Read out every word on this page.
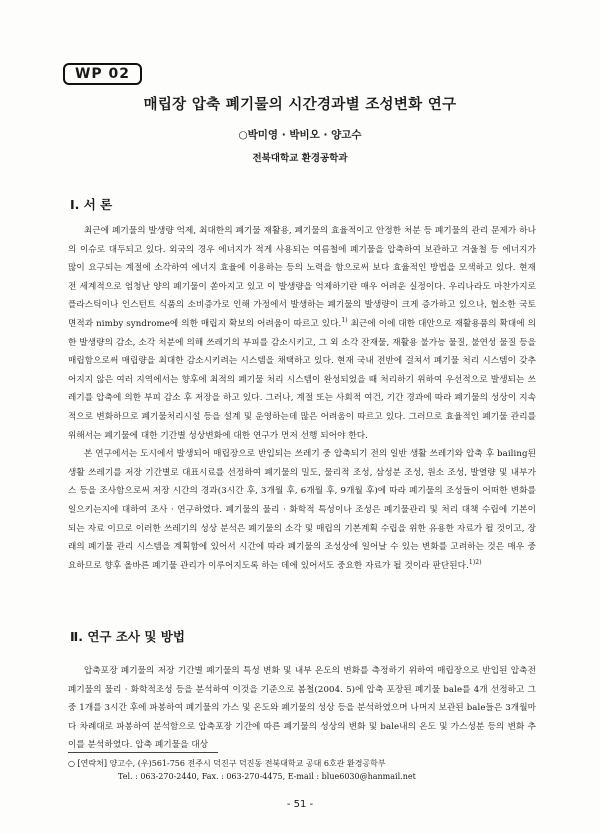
WP 02
매립장 압축 폐기물의 시간경과별 조성변화 연구
○박미영 · 박비오 · 양고수
전북대학교 환경공학과
Ⅰ. 서 론

최근에 폐기물의 발생량 억제, 최대한의 폐기물 재활용, 폐기물의 효율적이고 안정한 처분 등 폐기물의 관리 문제가 하나의 이슈로 대두되고 있다. 외국의 경우 에너지가 적게 사용되는 여름철에 폐기물을 압축하여 보관하고 겨울철 등 에너지가 많이 요구되는 계절에 소각하여 에너지 효율에 이용하는 등의 노력을 함으로써 보다 효율적인 방법을 모색하고 있다. 현재 전 세계적으로 엄청난 양의 폐기물이 쏟아지고 있고 이 발생량을 억제하기란 매우 어려운 실정이다. 우리나라도 마찬가지로 플라스틱이나 인스턴트 식품의 소비증가로 인해 가정에서 발생하는 폐기물의 발생량이 크게 증가하고 있으나, 협소한 국토 면적과 nimby syndrome에 의한 매립지 확보의 어려움이 따르고 있다.$^{1)}$ 최근에 이에 대한 대안으로 재활용품의 확대에 의한 발생량의 감소, 소각 처분에 의해 쓰레기의 부피를 감소시키고, 그 외 소각 잔재물, 재활용 불가능 물질, 불연성 물질 등을 매립함으로써 매립량을 최대한 감소시키려는 시스템을 채택하고 있다. 현재 국내 전반에 걸쳐서 폐기물 처리 시스템이 갖추어지지 않은 여러 지역에서는 향후에 최적의 폐기물 처리 시스템이 완성되었을 때 처리하기 위하여 우선적으로 발생되는 쓰레기를 압축에 의한 부피 감소 후 저장을 하고 있다. 그러나, 계절 또는 사회적 여건, 기간 경과에 따라 폐기물의 성상이 지속적으로 변화하므로 폐기물처리시설 등을 설계 및 운영하는데 많은 어려움이 따르고 있다. 그러므로 효율적인 폐기물 관리를 위해서는 폐기물에 대한 기간별 성상변화에 대한 연구가 먼저 선행 되어야 한다.

본 연구에서는 도시에서 발생되어 매립장으로 반입되는 쓰레기 중 압축되기 전의 일반 생활 쓰레기와 압축 후 bailing된 생활 쓰레기를 저장 기간별로 대표시료를 선정하여 폐기물의 밀도, 물리적 조성, 삼성분 조성, 원소 조성, 발열량 및 내부가스 등을 조사함으로써 저장 시간의 경과(3시간 후, 3개월 후, 6개월 후, 9개월 후)에 따라 폐기물의 조성들이 어떠한 변화를 일으키는지에 대하여 조사 · 연구하였다. 폐기물의 물리 · 화학적 특성이나 조성은 폐기물관리 및 처리 대책 수립에 기본이 되는 자료 이므로 이러한 쓰레기의 성상 분석은 폐기물의 소각 및 매립의 기본계획 수립을 위한 유용한 자료가 될 것이고, 장래의 폐기물 관리 시스템을 계획함에 있어서 시간에 따라 폐기물의 조성상에 일어날 수 있는 변화를 고려하는 것은 매우 중요하므로 향후 올바른 폐기물 관리가 이루어지도록 하는 데에 있어서도 중요한 자료가 될 것이라 판단된다.$^{1)2)}$

Ⅱ. 연구 조사 및 방법

압축포장 폐기물의 저장 기간별 폐기물의 특성 변화 및 내부 온도의 변화를 측정하기 위하여 매립장으로 반입된 압축전 폐기물의 물리 · 화학적조성 등을 분석하여 이것을 기준으로 봄철(2004. 5)에 압축 포장된 폐기물 bale를 4개 선정하고 그 중 1개를 3시간 후에 파봉하여 폐기물의 가스 및 온도와 폐기물의 성상 등을 분석하였으며 나머지 보관된 bale들은 3개월마다 차례대로 파봉하여 분석함으로 압축포장 기간에 따른 폐기물의 성상의 변화 및 bale내의 온도 및 가스성분 등의 변화 추이를 분석하였다. 압축 폐기물을 대상

○ [연락처] 양고수, (우)561-756 전주시 덕진구 덕진동 전북대학교 공대 6호관 환경공학부
Tel. : 063-270-2440, Fax. : 063-270-4475, E-mail : blue6030@hanmail.net
- 51 -
